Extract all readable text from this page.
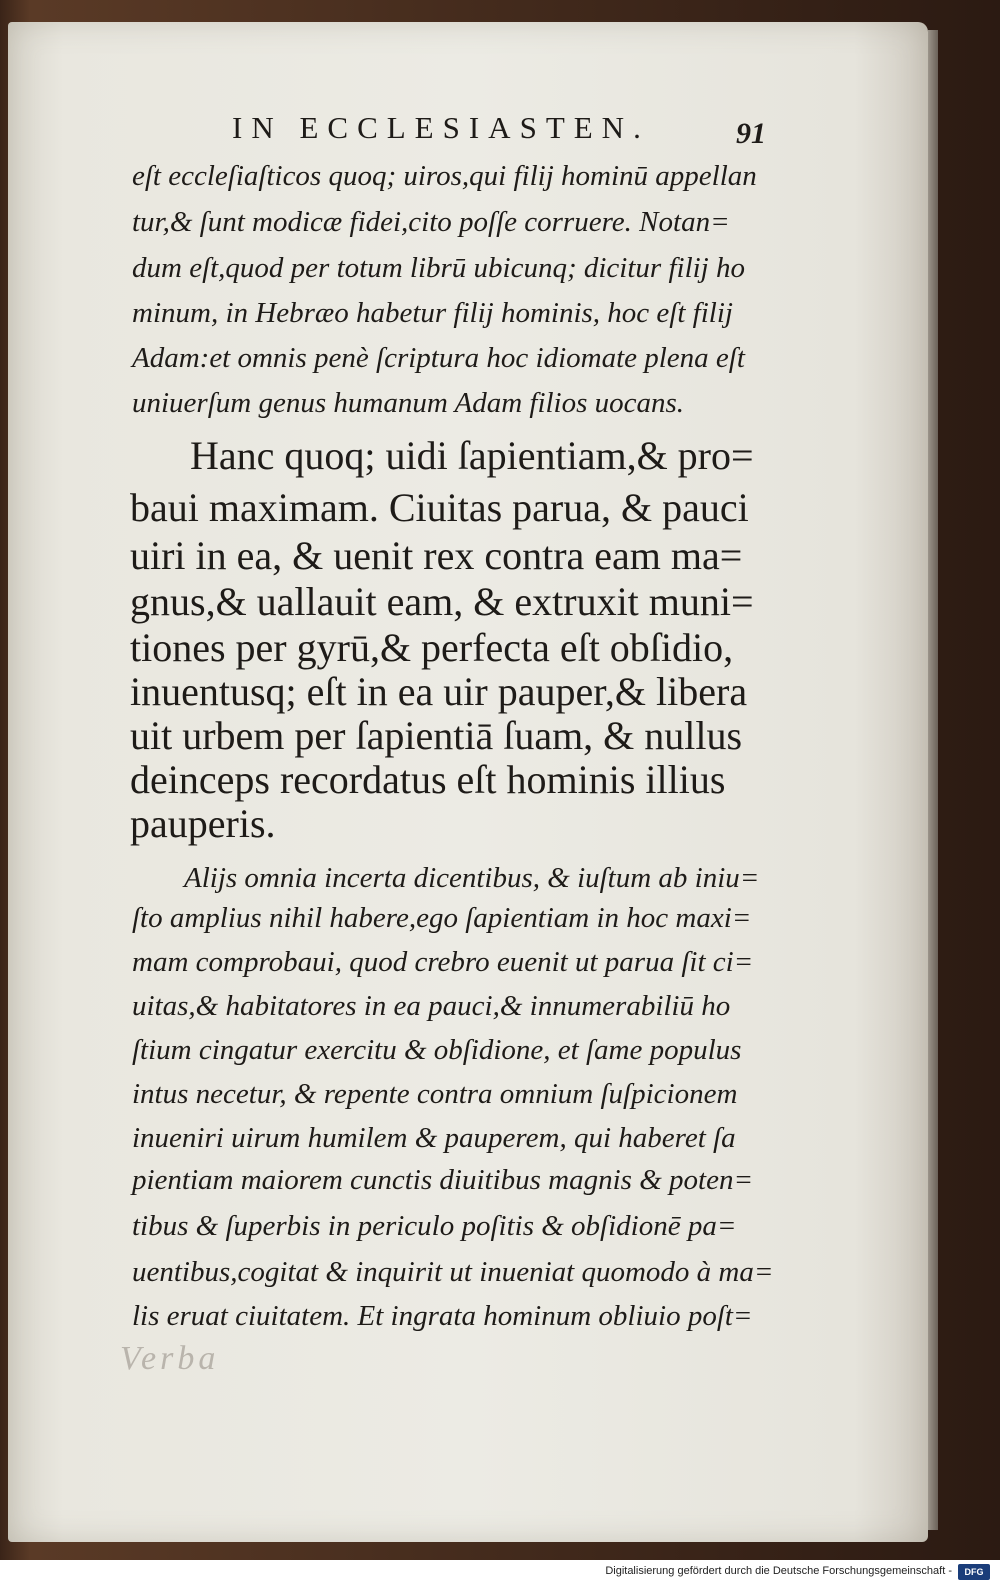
IN ECCLESIASTEN.	91
eſt eccleſiaſticos quoq; uiros,qui filij hominū appellan
tur,& ſunt modicæ fidei,cito poſſe corruere. Notan=
dum eſt,quod per totum librū ubicunq; dicitur filij ho
minum, in Hebræo habetur filij hominis, hoc eſt filij
Adam:et omnis penè ſcriptura hoc idiomate plena eſt
uniuerſum genus humanum Adam filios uocans.
Hanc quoq; uidi ſapientiam,& pro=
baui maximam. Ciuitas parua, & pauci
uiri in ea, & uenit rex contra eam ma=
gnus,& uallauit eam, & extruxit muni=
tiones per gyrū,& perfecta eſt obſidio,
inuentusq; eſt in ea uir pauper,& libera
uit urbem per ſapientiā ſuam, & nullus
deinceps recordatus eſt hominis illius
pauperis.
Alijs omnia incerta dicentibus, & iuſtum ab iniu=
ſto amplius nihil habere,ego ſapientiam in hoc maxi=
mam comprobaui, quod crebro euenit ut parua ſit ci=
uitas,& habitatores in ea pauci,& innumerabiliū ho
ſtium cingatur exercitu & obſidione, et ſame populus
intus necetur, & repente contra omnium ſuſpicionem
inueniri uirum humilem & pauperem, qui haberet ſa
pientiam maiorem cunctis diuitibus magnis & poten=
tibus & ſuperbis in periculo poſitis & obſidionē pa=
uentibus,cogitat & inquirit ut inueniat quomodo à ma=
lis eruat ciuitatem. Et ingrata hominum obliuio poſt=
Verba
Digitalisierung gefördert durch die Deutsche Forschungsgemeinschaft -	DFG
